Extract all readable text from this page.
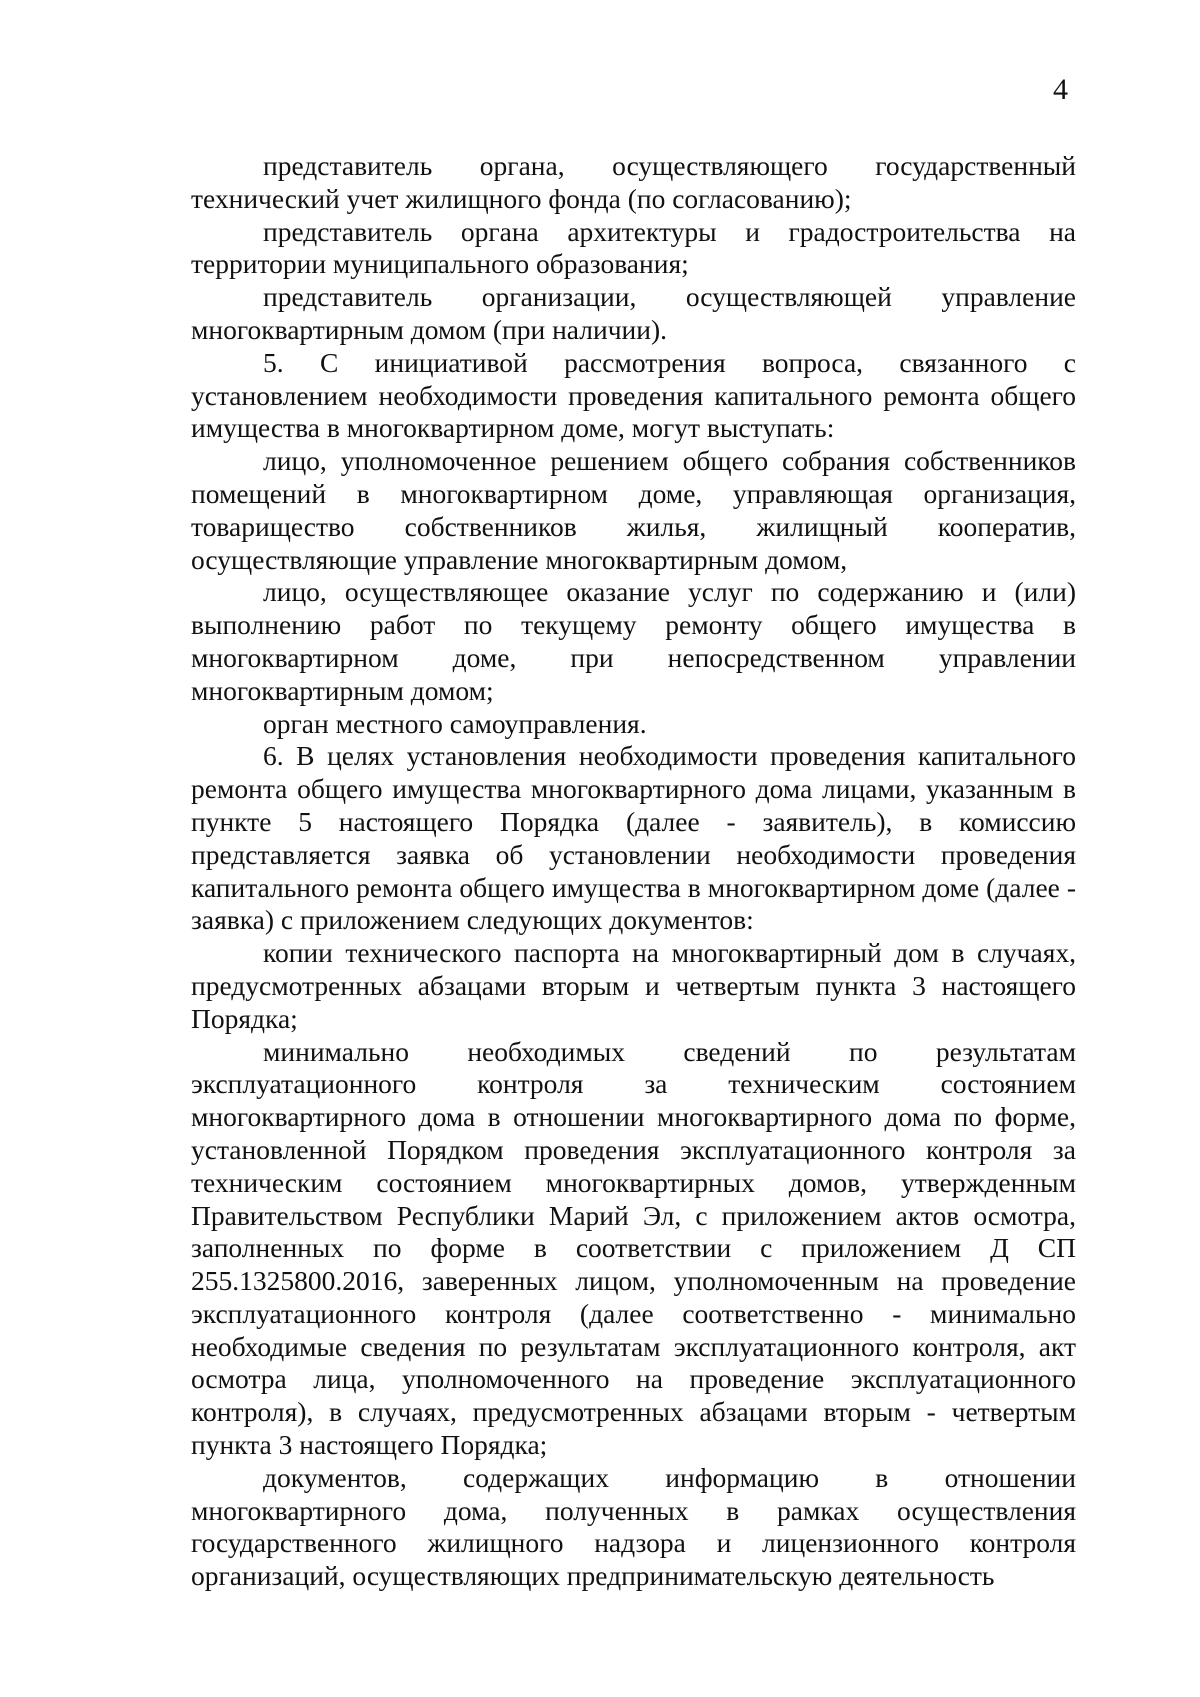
4

представитель органа, осуществляющего государственный технический учет жилищного фонда (по согласованию);

представитель органа архитектуры и градостроительства на территории муниципального образования;

представитель организации, осуществляющей управление многоквартирным домом (при наличии).

5. С инициативой рассмотрения вопроса, связанного с установлением необходимости проведения капитального ремонта общего имущества в многоквартирном доме, могут выступать:

лицо, уполномоченное решением общего собрания собственников помещений в многоквартирном доме, управляющая организация, товарищество собственников жилья, жилищный кооператив, осуществляющие управление многоквартирным домом,

лицо, осуществляющее оказание услуг по содержанию и (или) выполнению работ по текущему ремонту общего имущества в многоквартирном доме, при непосредственном управлении многоквартирным домом;

орган местного самоуправления.

6. В целях установления необходимости проведения капитального ремонта общего имущества многоквартирного дома лицами, указанным в пункте 5 настоящего Порядка (далее - заявитель), в комиссию представляется заявка об установлении необходимости проведения капитального ремонта общего имущества в многоквартирном доме (далее - заявка) с приложением следующих документов:

копии технического паспорта на многоквартирный дом в случаях, предусмотренных абзацами вторым и четвертым пункта 3 настоящего Порядка;

минимально необходимых сведений по результатам эксплуатационного контроля за техническим состоянием многоквартирного дома в отношении многоквартирного дома по форме, установленной Порядком проведения эксплуатационного контроля за техническим состоянием многоквартирных домов, утвержденным Правительством Республики Марий Эл, с приложением актов осмотра, заполненных по форме в соответствии с приложением Д СП 255.1325800.2016, заверенных лицом, уполномоченным на проведение эксплуатационного контроля (далее соответственно - минимально необходимые сведения по результатам эксплуатационного контроля, акт осмотра лица, уполномоченного на проведение эксплуатационного контроля), в случаях, предусмотренных абзацами вторым - четвертым пункта 3 настоящего Порядка;

документов, содержащих информацию в отношении многоквартирного дома, полученных в рамках осуществления государственного жилищного надзора и лицензионного контроля организаций, осуществляющих предпринимательскую деятельность
